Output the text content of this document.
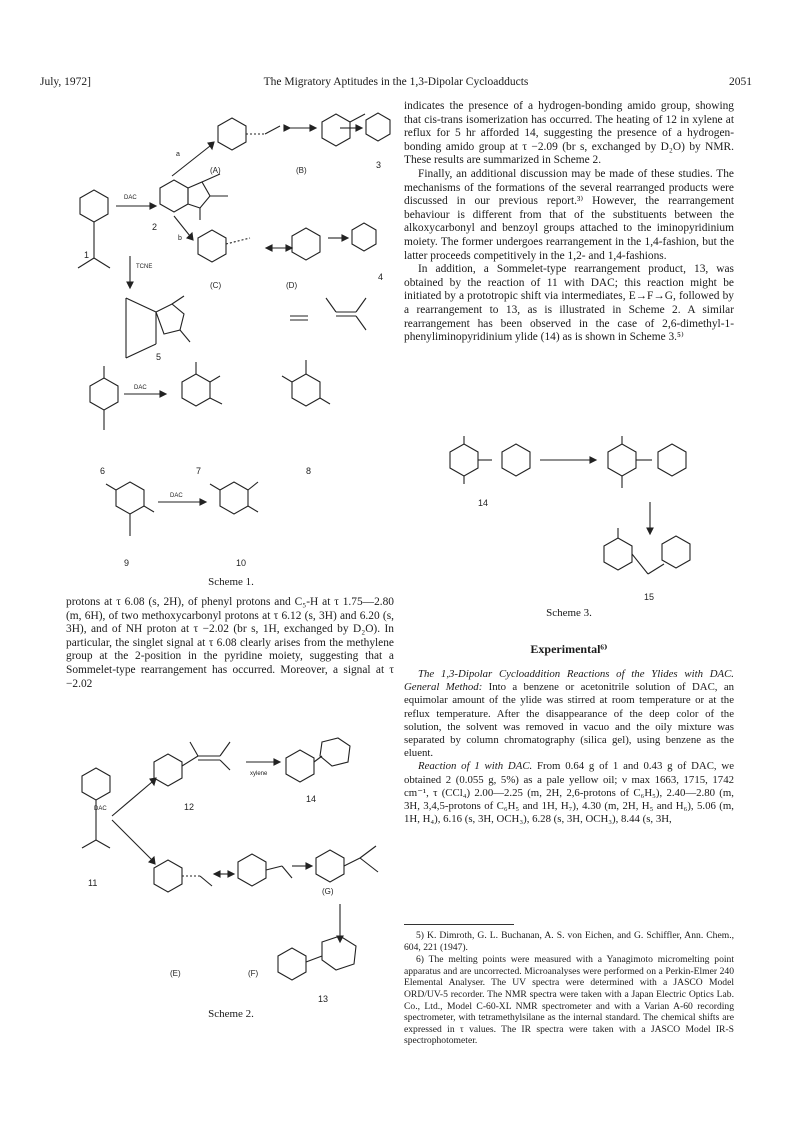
July, 1972]	The Migratory Aptitudes in the 1,3-Dipolar Cycloadducts	2051
1
2
3
4
5
6	7	8
9	10
(A)	(B)
(C)	(D)
DAC
DAC
DAC
a
b
TCNE
Scheme 1.

protons at τ 6.08 (s, 2H), of phenyl protons and C₅-H at τ 1.75—2.80 (m, 6H), of two methoxycarbonyl protons at τ 6.12 (s, 3H) and 6.20 (s, 3H), and of NH proton at τ −2.02 (br s, 1H, exchanged by D₂O). In particular, the singlet signal at τ 6.08 clearly arises from the methylene group at the 2-position in the pyridine moiety, suggesting that a Sommelet-type rearrangement has occurred. Moreover, a signal at τ −2.02

11
12
13
14
(E)	(F)
(G)
DAC
xylene
Scheme 2.

indicates the presence of a hydrogen-bonding amido group, showing that cis-trans isomerization has occurred. The heating of 12 in xylene at reflux for 5 hr afforded 14, suggesting the presence of a hydrogen-bonding amido group at τ −2.09 (br s, exchanged by D₂O) by NMR. These results are summarized in Scheme 2.

Finally, an additional discussion may be made of these studies. The mechanisms of the formations of the several rearranged products were discussed in our previous report.³⁾ However, the rearrangement behaviour is different from that of the substituents between the alkoxycarbonyl and benzoyl groups attached to the iminopyridinium moiety. The former undergoes rearrangement in the 1,4-fashion, but the latter proceeds competitively in the 1,2- and 1,4-fashions.

In addition, a Sommelet-type rearrangement product, 13, was obtained by the reaction of 11 with DAC; this reaction might be initiated by a prototropic shift via intermediates, E→F→G, followed by a rearrangement to 13, as is illustrated in Scheme 2. A similar rearrangement has been observed in the case of 2,6-dimethyl-1-phenyliminopyridinium ylide (14) as is shown in Scheme 3.⁵⁾

14
15
Scheme 3.
Experimental⁶⁾

The 1,3-Dipolar Cycloaddition Reactions of the Ylides with DAC. General Method: Into a benzene or acetonitrile solution of DAC, an equimolar amount of the ylide was stirred at room temperature or at the reflux temperature. After the disappearance of the deep color of the solution, the solvent was removed in vacuo and the oily mixture was separated by column chromatography (silica gel), using benzene as the eluent.

Reaction of 1 with DAC. From 0.64 g of 1 and 0.43 g of DAC, we obtained 2 (0.055 g, 5%) as a pale yellow oil; ν max 1663, 1715, 1742 cm⁻¹, τ (CCl₄) 2.00—2.25 (m, 2H, 2,6-protons of C₆H₅), 2.40—2.80 (m, 3H, 3,4,5-protons of C₆H₅ and 1H, H₇), 4.30 (m, 2H, H₅ and H₆), 5.06 (m, 1H, H₄), 6.16 (s, 3H, OCH₃), 6.28 (s, 3H, OCH₃), 8.44 (s, 3H,

5) K. Dimroth, G. L. Buchanan, A. S. von Eichen, and G. Schiffler, Ann. Chem., 604, 221 (1947).

6) The melting points were measured with a Yanagimoto micromelting point apparatus and are uncorrected. Microanalyses were performed on a Perkin-Elmer 240 Elemental Analyser. The UV spectra were determined with a JASCO Model ORD/UV-5 recorder. The NMR spectra were taken with a Japan Electric Optics Lab. Co., Ltd., Model C-60-XL NMR spectrometer and with a Varian A-60 recording spectrometer, with tetramethylsilane as the internal standard. The chemical shifts are expressed in τ values. The IR spectra were taken with a JASCO Model IR-S spectrophotometer.
